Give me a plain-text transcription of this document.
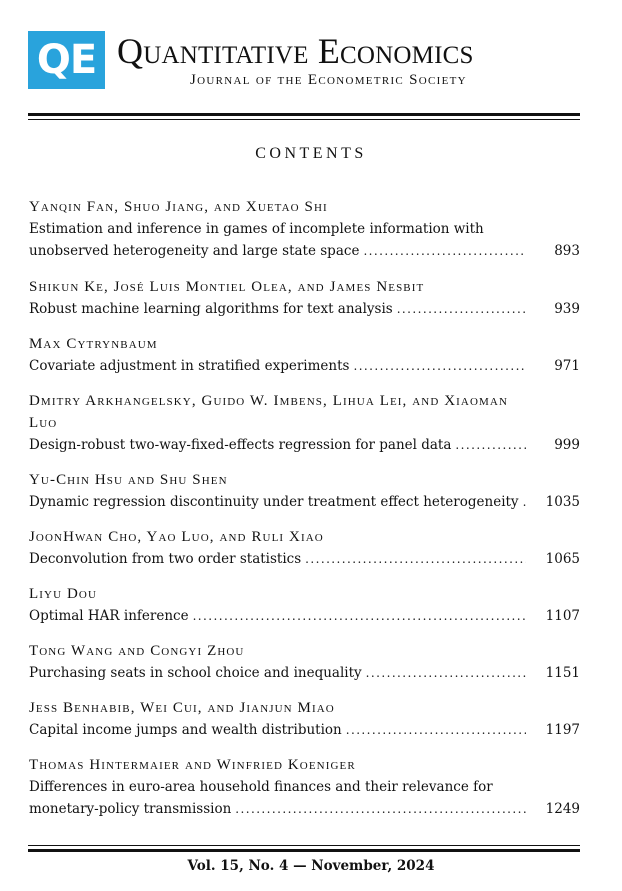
QE Quantitative Economics
Journal of the Econometric Society
CONTENTS
Yanqin Fan, Shuo Jiang, and Xuetao Shi
Estimation and inference in games of incomplete information with
unobserved heterogeneity and large state space . . .	893
Shikun Ke, José Luis Montiel Olea, and James Nesbit
Robust machine learning algorithms for text analysis . . .	939
Max Cytrynbaum
Covariate adjustment in stratified experiments . . .	971
Dmitry Arkhangelsky, Guido W. Imbens, Lihua Lei, and Xiaoman Luo
Design-robust two-way-fixed-effects regression for panel data . . .	999
Yu-Chin Hsu and Shu Shen
Dynamic regression discontinuity under treatment effect heterogeneity . . .	1035
JoonHwan Cho, Yao Luo, and Ruli Xiao
Deconvolution from two order statistics . . .	1065
Liyu Dou
Optimal HAR inference . . .	1107
Tong Wang and Congyi Zhou
Purchasing seats in school choice and inequality . . .	1151
Jess Benhabib, Wei Cui, and Jianjun Miao
Capital income jumps and wealth distribution . . .	1197
Thomas Hintermaier and Winfried Koeniger
Differences in euro-area household finances and their relevance for
monetary-policy transmission . . .	1249
Vol. 15, No. 4 — November, 2024
